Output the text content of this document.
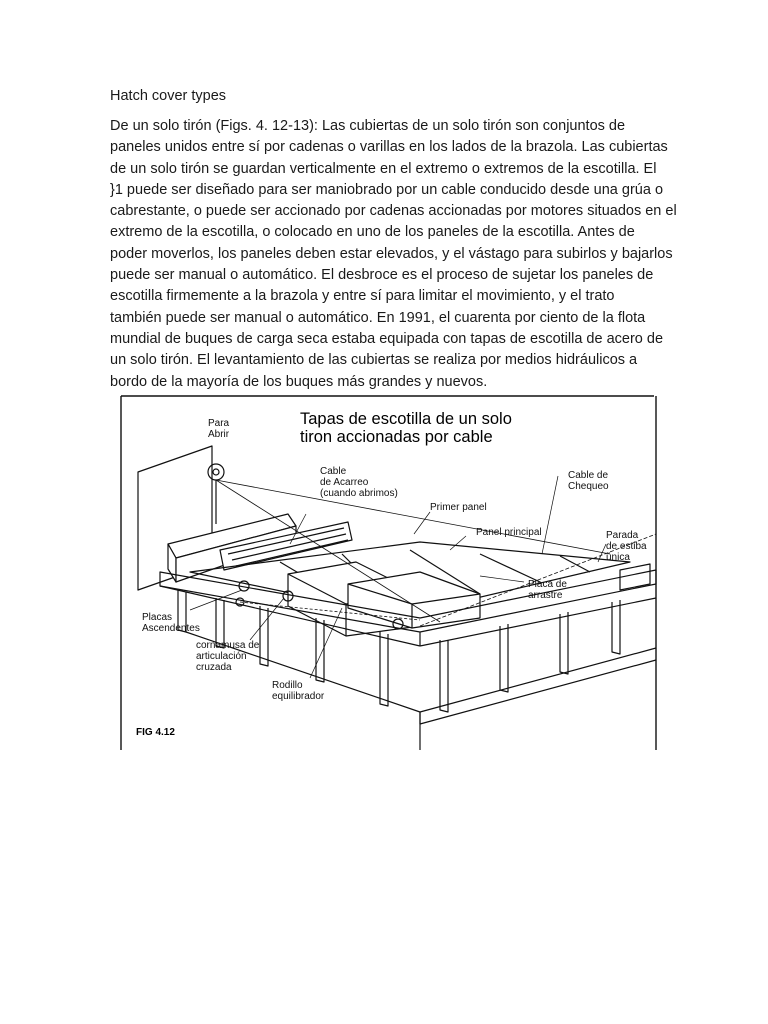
Hatch cover types
De un solo tirón (Figs. 4. 12-13): Las cubiertas de un solo tirón son conjuntos de
paneles unidos entre sí por cadenas o varillas en los lados de la brazola. Las cubiertas
de un solo tirón se guardan verticalmente en el extremo o extremos de la escotilla. El
}1 puede ser diseñado para ser maniobrado por un cable conducido desde una grúa o
cabrestante, o puede ser accionado por cadenas accionadas por motores situados en el
extremo de la escotilla, o colocado en uno de los paneles de la escotilla. Antes de
poder moverlos, los paneles deben estar elevados, y el vástago para subirlos y bajarlos
puede ser manual o automático. El desbroce es el proceso de sujetar los paneles de
escotilla firmemente a la brazola y entre sí para limitar el movimiento, y el trato
también puede ser manual o automático. En 1991, el cuarenta por ciento de la flota
mundial de buques de carga seca estaba equipada con tapas de escotilla de acero de
un solo tirón. El levantamiento de las cubiertas se realiza por medios hidráulicos a
bordo de la mayoría de los buques más grandes y nuevos.
Tapas de escotilla de un solo
tiron accionadas por cable
Para
Abrir
Cable
de Acarreo
(cuando abrimos)
Cable de
Chequeo
Primer panel
Panel principal	Parada
de estiba
única
Placa de
arrastre
Placas
Ascendentes
cornamusa de
articulación
cruzada
Rodillo
equilibrador
FIG 4.12
